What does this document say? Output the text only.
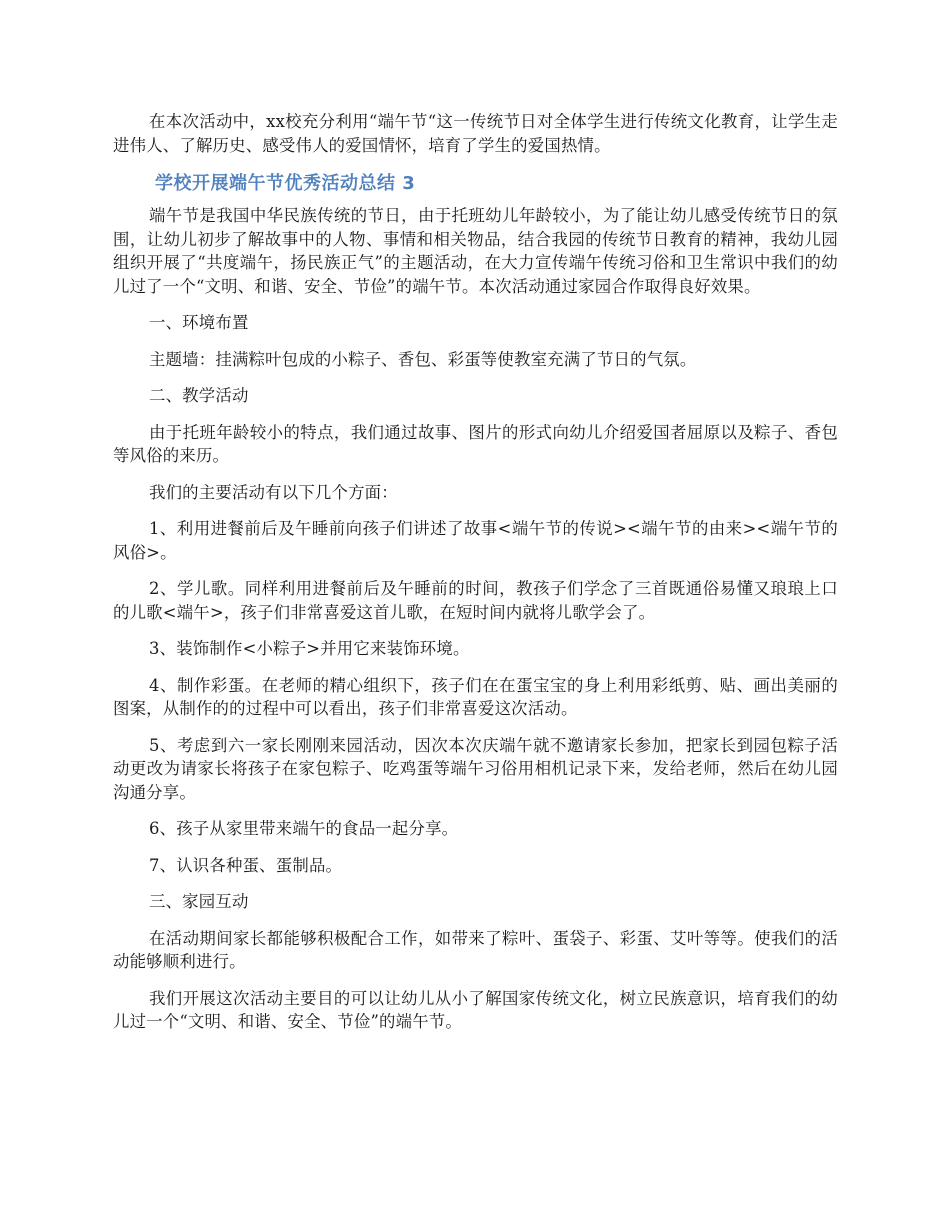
在本次活动中，xx校充分利用“端午节“这一传统节日对全体学生进行传统文化教育，让学生走进伟人、了解历史、感受伟人的爱国情怀，培育了学生的爱国热情。

学校开展端午节优秀活动总结 3

端午节是我国中华民族传统的节日，由于托班幼儿年龄较小，为了能让幼儿感受传统节日的氛围，让幼儿初步了解故事中的人物、事情和相关物品，结合我园的传统节日教育的精神，我幼儿园组织开展了“共度端午，扬民族正气”的主题活动，在大力宣传端午传统习俗和卫生常识中我们的幼儿过了一个“文明、和谐、安全、节俭”的端午节。本次活动通过家园合作取得良好效果。

一、环境布置

主题墙：挂满粽叶包成的小粽子、香包、彩蛋等使教室充满了节日的气氛。

二、教学活动

由于托班年龄较小的特点，我们通过故事、图片的形式向幼儿介绍爱国者屈原以及粽子、香包等风俗的来历。

我们的主要活动有以下几个方面：

1、利用进餐前后及午睡前向孩子们讲述了故事<端午节的传说><端午节的由来><端午节的风俗>。

2、学儿歌。同样利用进餐前后及午睡前的时间，教孩子们学念了三首既通俗易懂又琅琅上口的儿歌<端午>，孩子们非常喜爱这首儿歌，在短时间内就将儿歌学会了。

3、装饰制作<小粽子>并用它来装饰环境。

4、制作彩蛋。在老师的精心组织下，孩子们在在蛋宝宝的身上利用彩纸剪、贴、画出美丽的图案，从制作的的过程中可以看出，孩子们非常喜爱这次活动。

5、考虑到六一家长刚刚来园活动，因次本次庆端午就不邀请家长参加，把家长到园包粽子活动更改为请家长将孩子在家包粽子、吃鸡蛋等端午习俗用相机记录下来，发给老师，然后在幼儿园沟通分享。

6、孩子从家里带来端午的食品一起分享。

7、认识各种蛋、蛋制品。

三、家园互动

在活动期间家长都能够积极配合工作，如带来了粽叶、蛋袋子、彩蛋、艾叶等等。使我们的活动能够顺利进行。

我们开展这次活动主要目的可以让幼儿从小了解国家传统文化，树立民族意识，培育我们的幼儿过一个“文明、和谐、安全、节俭”的端午节。
